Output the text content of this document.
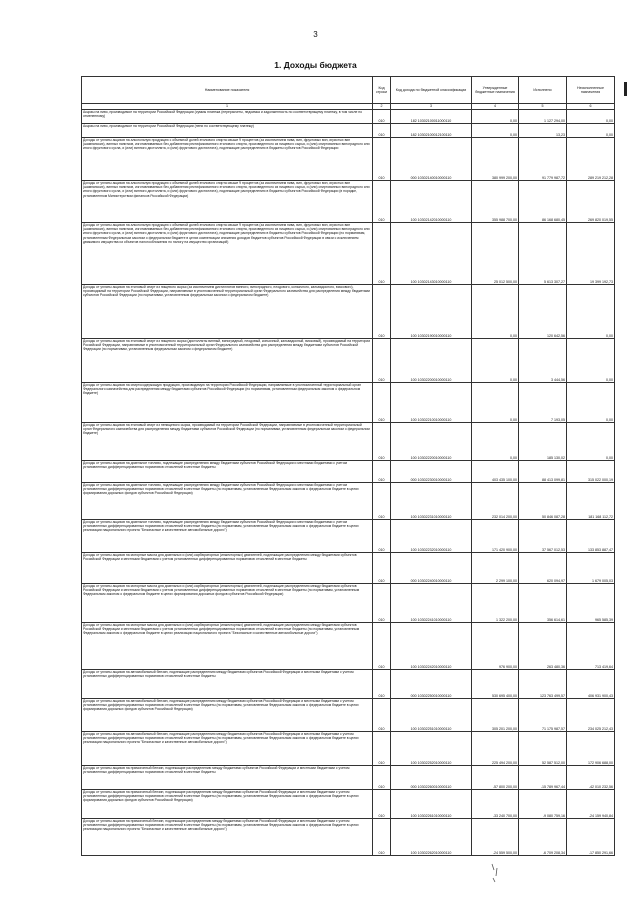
3
1. Доходы бюджета
Наименование показателя	Код строки	Код дохода по бюджетной классификации	Утвержденные бюджетные назначения	Исполнено	Неисполненные назначения
1	2	3	4	5	6
Акцизы на пиво, производимое на территории Российской Федерации (суммы платежа (перерасчеты, недоимка и задолженность по соответствующему платежу, в том числе по отмененному)	010	182 10302100011000110	0,00	1 127 294,00	0,00
Акцизы на пиво, производимое на территории Российской Федерации (пени по соответствующему платежу)	010	182 10302100012100110	0,00	13,23	0,00
Доходы от уплаты акцизов на алкогольную продукцию с объемной долей этилового спирта свыше 9 процентов (за исключением пива, вин, фруктовых вин, игристых вин (шампанских), винных напитков, изготавливаемых без добавления ректификованного этилового спирта, произведенного из пищевого сырья, и (или) спиртованных виноградного или иного фруктового сусла, и (или) винного дистиллята, и (или) фруктового дистиллята), подлежащие распределению в бюджеты субъектов Российской Федерации	010	000 10302140010000110	380 999 200,00	91 779 987,72	289 219 212,28
Доходы от уплаты акцизов на алкогольную продукцию с объемной долей этилового спирта свыше 9 процентов (за исключением пива, вин, фруктовых вин, игристых вин (шампанских), винных напитков, изготавливаемых без добавления ректификованного этилового спирта, произведенного из пищевого сырья, и (или) спиртованных виноградного или иного фруктового сусла, и (или) винного дистиллята, и (или) фруктового дистиллята), подлежащие распределению в бюджеты субъектов Российской Федерации (в порядке, установленном Министерством финансов Российской Федерации)	010	100 10302142010000110	355 988 700,00	86 168 680,45	269 820 019,55
Доходы от уплаты акцизов на алкогольную продукцию с объемной долей этилового спирта свыше 9 процентов (за исключением пива, вин, фруктовых вин, игристых вин (шампанских), винных напитков, изготавливаемых без добавления ректификованного этилового спирта, произведенного из пищевого сырья, и (или) спиртованных виноградного или иного фруктового сусла, и (или) винного дистиллята, и (или) фруктового дистиллята), подлежащие распределению в бюджеты субъектов Российской Федерации (по нормативам, установленным Федеральным законом о федеральном бюджете в целях компенсации снижения доходов бюджетов субъектов Российской Федерации в связи с исключением движимого имущества из объектов налогообложения по налогу на имущество организаций)	010	100 10302143010000110	25 012 500,00	5 613 307,27	19 399 192,73
Доходы от уплаты акцизов на этиловый спирт из пищевого сырья (за исключением дистиллятов винного, виноградного, плодового, коньячного, кальвадосного, вискового), производимый на территории Российской Федерации, направляемые в уполномоченный территориальный орган Федерального казначейства для распределения между бюджетами субъектов Российской Федерации (по нормативам, установленным федеральным законом о федеральном бюджете)	010	100 10302190010000110	0,00	120 642,56	0,00
Доходы от уплаты акцизов на этиловый спирт из пищевого сырья (дистилляты винный, виноградный, плодовый, коньячный, кальвадосный, висковый), производимый на территории Российской Федерации, направляемые в уполномоченный территориальный орган Федерального казначейства для распределения между бюджетами субъектов Российской Федерации (по нормативам, установленным федеральным законом о федеральном бюджете)	010	100 10302200010000110	0,00	3 444,56	0,00
Доходы от уплаты акцизов на спиртосодержащую продукцию, производимую на территории Российской Федерации, направляемые в уполномоченный территориальный орган Федерального казначейства для распределения между бюджетами субъектов Российской Федерации (по нормативам, установленным федеральным законом о федеральном бюджете)	010	100 10302210010000110	0,00	7 193,05	0,00
Доходы от уплаты акцизов на этиловый спирт из непищевого сырья, производимый на территории Российской Федерации, направляемые в уполномоченный территориальный орган Федерального казначейства для распределения между бюджетами субъектов Российской Федерации (по нормативам, установленным федеральным законом о федеральном бюджете)	010	100 10302220010000110	0,00	185 130,02	0,00
Доходы от уплаты акцизов на дизельное топливо, подлежащие распределению между бюджетами субъектов Российской Федерации и местными бюджетами с учетом установленных дифференцированных нормативов отчислений в местные бюджеты	010	000 10302230010000110	403 435 100,00	88 413 099,81	315 022 000,19
Доходы от уплаты акцизов на дизельное топливо, подлежащие распределению между бюджетами субъектов Российской Федерации и местными бюджетами с учетом установленных дифференцированных нормативов отчислений в местные бюджеты (по нормативам, установленным Федеральным законом о федеральном бюджете в целях формирования дорожных фондов субъектов Российской Федерации)	010	100 10302231010000110	232 014 200,00	50 846 087,28	181 168 112,72
Доходы от уплаты акцизов на дизельное топливо, подлежащие распределению между бюджетами субъектов Российской Федерации и местными бюджетами с учетом установленных дифференцированных нормативов отчислений в местные бюджеты (по нормативам, установленным Федеральным законом о федеральном бюджете в целях реализации национального проекта "Безопасные и качественные автомобильные дороги")	010	100 10302232010000110	171 420 900,00	37 567 012,53	133 853 887,47
Доходы от уплаты акцизов на моторные масла для дизельных и (или) карбюраторных (инжекторных) двигателей, подлежащие распределению между бюджетами субъектов Российской Федерации и местными бюджетами с учетом установленных дифференцированных нормативов отчислений в местные бюджеты	010	000 10302240010000110	2 299 100,00	620 094,97	1 679 005,03
Доходы от уплаты акцизов на моторные масла для дизельных и (или) карбюраторных (инжекторных) двигателей, подлежащие распределению между бюджетами субъектов Российской Федерации и местными бюджетами с учетом установленных дифференцированных нормативов отчислений в местные бюджеты (по нормативам, установленным Федеральным законом о федеральном бюджете в целях формирования дорожных фондов субъектов Российской Федерации)	010	100 10302241010000110	1 322 200,00	356 614,61	965 585,39
Доходы от уплаты акцизов на моторные масла для дизельных и (или) карбюраторных (инжекторных) двигателей, подлежащие распределению между бюджетами субъектов Российской Федерации и местными бюджетами с учетом установленных дифференцированных нормативов отчислений в местные бюджеты (по нормативам, установленным Федеральным законом о федеральном бюджете в целях реализации национального проекта "Безопасные и качественные автомобильные дороги")	010	100 10302242010000110	976 900,00	263 480,36	713 419,64
Доходы от уплаты акцизов на автомобильный бензин, подлежащие распределению между бюджетами субъектов Российской Федерации и местными бюджетами с учетом установленных дифференцированных нормативов отчислений в местные бюджеты	010	000 10302250010000110	530 695 400,00	123 763 499,57	406 931 900,43
Доходы от уплаты акцизов на автомобильный бензин, подлежащие распределению между бюджетами субъектов Российской Федерации и местными бюджетами с учетом установленных дифференцированных нормативов отчислений в местные бюджеты (по нормативам, установленным Федеральным законом о федеральном бюджете в целях формирования дорожных фондов субъектов Российской Федерации)	010	100 10302251010000110	305 201 200,00	71 175 987,57	234 025 212,43
Доходы от уплаты акцизов на автомобильный бензин, подлежащие распределению между бюджетами субъектов Российской Федерации и местными бюджетами с учетом установленных дифференцированных нормативов отчислений в местные бюджеты (по нормативам, установленным Федеральным законом о федеральном бюджете в целях реализации национального проекта "Безопасные и качественные автомобильные дороги")	010	100 10302252010000110	225 494 200,00	52 587 512,00	172 906 688,00
Доходы от уплаты акцизов на прямогонный бензин, подлежащие распределению между бюджетами субъектов Российской Федерации и местными бюджетами с учетом установленных дифференцированных нормативов отчислений в местные бюджеты	010	000 10302260010000110	-57 800 200,00	-15 789 967,44	-42 010 232,56
Доходы от уплаты акцизов на прямогонный бензин, подлежащие распределению между бюджетами субъектов Российской Федерации и местными бюджетами с учетом установленных дифференцированных нормативов отчислений в местные бюджеты (по нормативам, установленным Федеральным законом о федеральном бюджете в целях формирования дорожных фондов субъектов Российской Федерации)	010	100 10302261010000110	-33 240 700,00	-9 080 759,16	-24 159 940,84
Доходы от уплаты акцизов на прямогонный бензин, подлежащие распределению между бюджетами субъектов Российской Федерации и местными бюджетами с учетом установленных дифференцированных нормативов отчислений в местные бюджеты (по нормативам, установленным Федеральным законом о федеральном бюджете в целях реализации национального проекта "Безопасные и качественные автомобильные дороги")	010	100 10302262010000110	-24 559 500,00	-6 709 208,34	-17 850 291,66
